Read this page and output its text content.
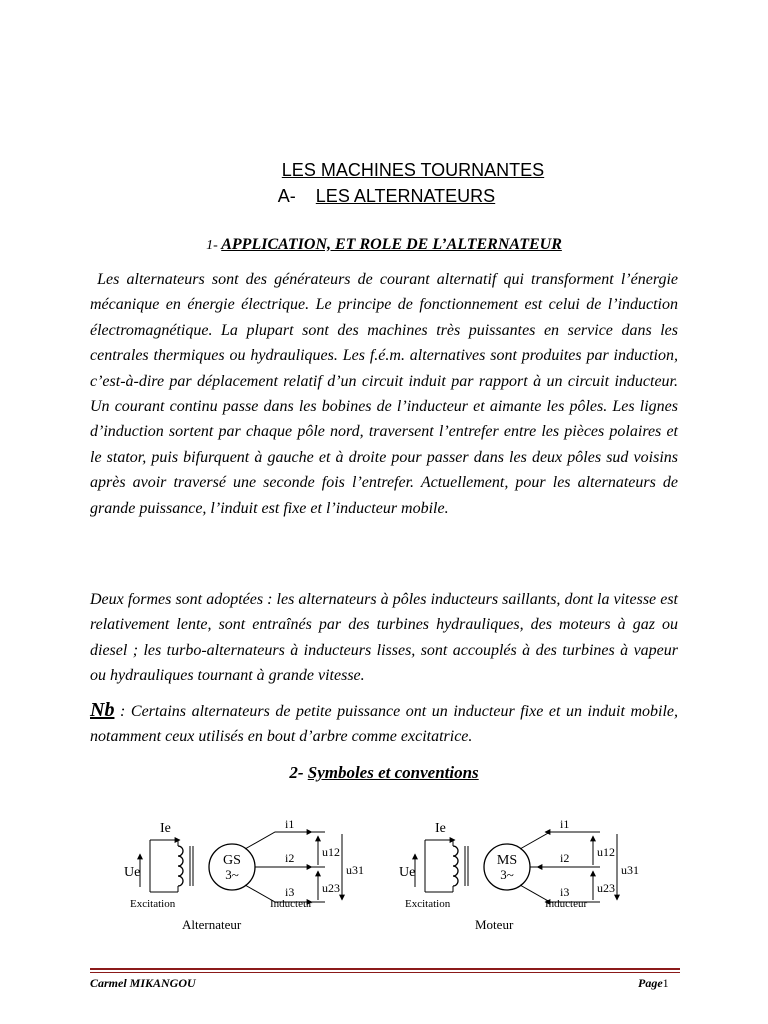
LES MACHINES TOURNANTES
A- LES ALTERNATEURS
1- APPLICATION, ET ROLE DE L’ALTERNATEUR

Les alternateurs sont des générateurs de courant alternatif qui transforment l’énergie mécanique en énergie électrique. Le principe de fonctionnement est celui de l’induction électromagnétique. La plupart sont des machines très puissantes en service dans les centrales thermiques ou hydrauliques. Les f.é.m. alternatives sont produites par induction, c’est-à-dire par déplacement relatif d’un circuit induit par rapport à un circuit inducteur. Un courant continu passe dans les bobines de l’inducteur et aimante les pôles. Les lignes d’induction sortent par chaque pôle nord, traversent l’entrefer entre les pièces polaires et le stator, puis bifurquent à gauche et à droite pour passer dans les deux pôles sud voisins après avoir traversé une seconde fois l’entrefer. Actuellement, pour les alternateurs de grande puissance, l’induit est fixe et l’inducteur mobile.

Deux formes sont adoptées : les alternateurs à pôles inducteurs saillants, dont la vitesse est relativement lente, sont entraînés par des turbines hydrauliques, des moteurs à gaz ou diesel ; les turbo-alternateurs à inducteurs lisses, sont accouplés à des turbines à vapeur ou hydrauliques tournant à grande vitesse.

Nb : Certains alternateurs de petite puissance ont un inducteur fixe et un induit mobile, notamment ceux utilisés en bout d’arbre comme excitatrice.

2- Symboles et conventions
Ie
Ue
Excitation
GS
3~
i1
i2
i3
u12
u23
u31
Inducteur
Alternateur
Ie
Ue
Excitation
MS
3~
i1
i2
i3
u12
u23
u31
Inducteur
Moteur
Carmel MIKANGOU	Page1
